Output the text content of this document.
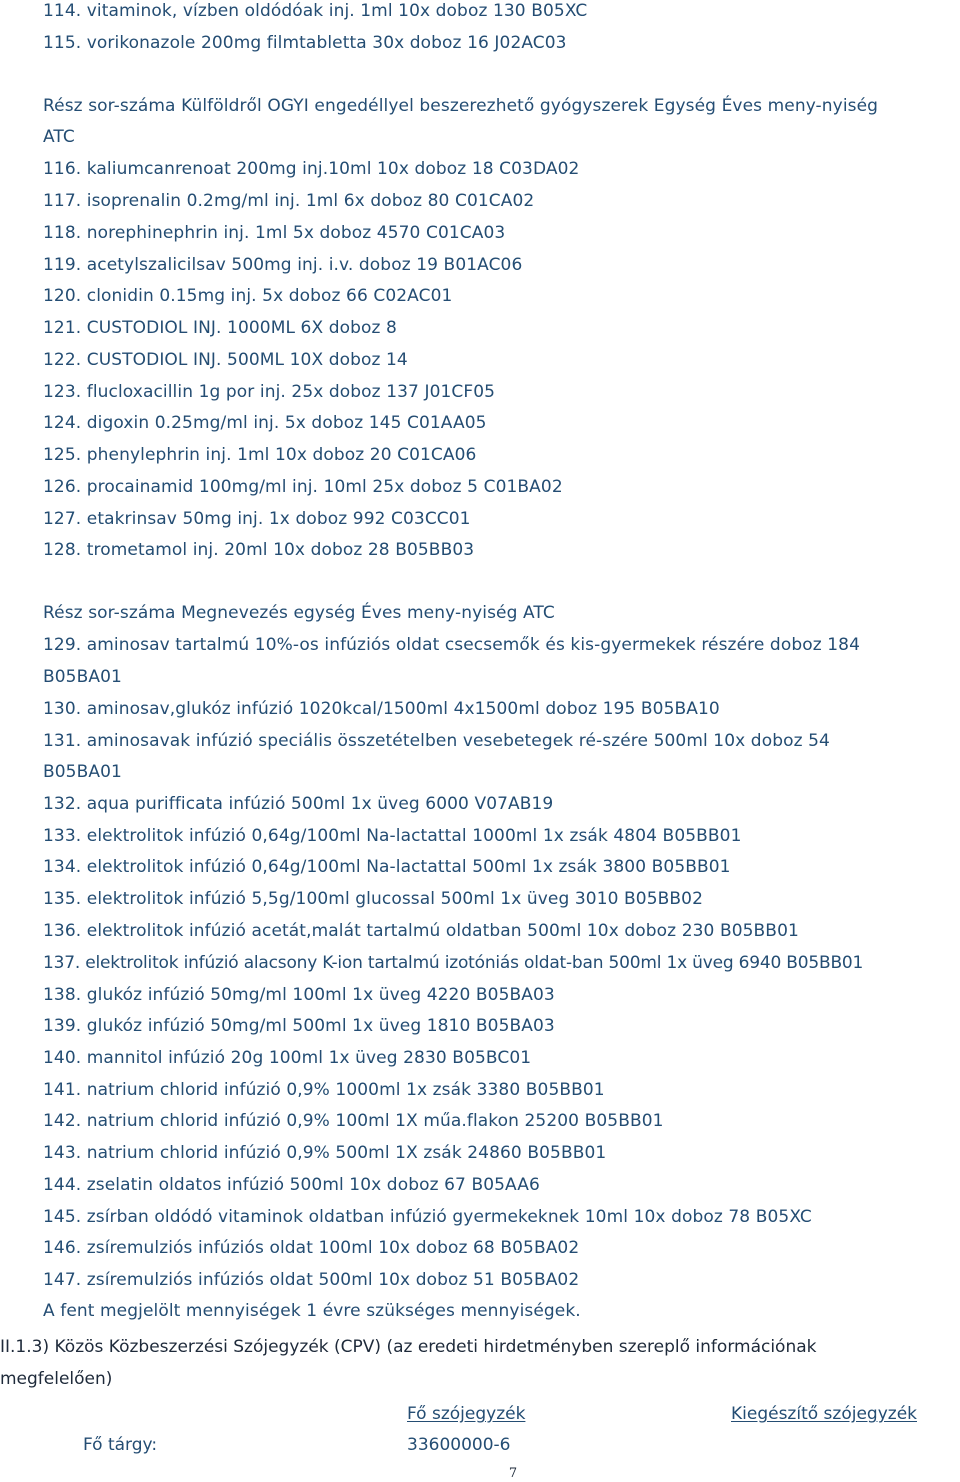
114. vitaminok, vízben oldódóak inj. 1ml 10x doboz 130 B05XC
115. vorikonazole 200mg filmtabletta 30x doboz 16 J02AC03
Rész sor-száma Külföldről OGYI engedéllyel beszerezhető gyógyszerek Egység Éves meny-nyiség
ATC
116. kaliumcanrenoat 200mg inj.10ml 10x doboz 18 C03DA02
117. isoprenalin 0.2mg/ml inj. 1ml 6x doboz 80 C01CA02
118. norephinephrin inj. 1ml 5x doboz 4570 C01CA03
119. acetylszalicilsav 500mg inj. i.v. doboz 19 B01AC06
120. clonidin 0.15mg inj. 5x doboz 66 C02AC01
121. CUSTODIOL INJ. 1000ML 6X doboz 8
122. CUSTODIOL INJ. 500ML 10X doboz 14
123. flucloxacillin 1g por inj. 25x doboz 137 J01CF05
124. digoxin 0.25mg/ml inj. 5x doboz 145 C01AA05
125. phenylephrin inj. 1ml 10x doboz 20 C01CA06
126. procainamid 100mg/ml inj. 10ml 25x doboz 5 C01BA02
127. etakrinsav 50mg inj. 1x doboz 992 C03CC01
128. trometamol inj. 20ml 10x doboz 28 B05BB03
Rész sor-száma Megnevezés egység Éves meny-nyiség ATC
129. aminosav tartalmú 10%-os infúziós oldat csecsemők és kis-gyermekek részére doboz 184
B05BA01
130. aminosav,glukóz infúzió 1020kcal/1500ml 4x1500ml doboz 195 B05BA10
131. aminosavak infúzió speciális összetételben vesebetegek ré-szére 500ml 10x doboz 54
B05BA01
132. aqua purifficata infúzió 500ml 1x üveg 6000 V07AB19
133. elektrolitok infúzió 0,64g/100ml Na-lactattal 1000ml 1x zsák 4804 B05BB01
134. elektrolitok infúzió 0,64g/100ml Na-lactattal 500ml 1x zsák 3800 B05BB01
135. elektrolitok infúzió 5,5g/100ml glucossal 500ml 1x üveg 3010 B05BB02
136. elektrolitok infúzió acetát,malát tartalmú oldatban 500ml 10x doboz 230 B05BB01
137. elektrolitok infúzió alacsony K-ion tartalmú izotóniás oldat-ban 500ml 1x üveg 6940 B05BB01
138. glukóz infúzió 50mg/ml 100ml 1x üveg 4220 B05BA03
139. glukóz infúzió 50mg/ml 500ml 1x üveg 1810 B05BA03
140. mannitol infúzió 20g 100ml 1x üveg 2830 B05BC01
141. natrium chlorid infúzió 0,9% 1000ml 1x zsák 3380 B05BB01
142. natrium chlorid infúzió 0,9% 100ml 1X műa.flakon 25200 B05BB01
143. natrium chlorid infúzió 0,9% 500ml 1X zsák 24860 B05BB01
144. zselatin oldatos infúzió 500ml 10x doboz 67 B05AA6
145. zsírban oldódó vitaminok oldatban infúzió gyermekeknek 10ml 10x doboz 78 B05XC
146. zsíremulziós infúziós oldat 100ml 10x doboz 68 B05BA02
147. zsíremulziós infúziós oldat 500ml 10x doboz 51 B05BA02
A fent megjelölt mennyiségek 1 évre szükséges mennyiségek.
II.1.3) Közös Közbeszerzési Szójegyzék (CPV) (az eredeti hirdetményben szereplő információnak
megfelelően)
Fő szójegyzék	Kiegészítő szójegyzék
Fő tárgy:	33600000-6
7
